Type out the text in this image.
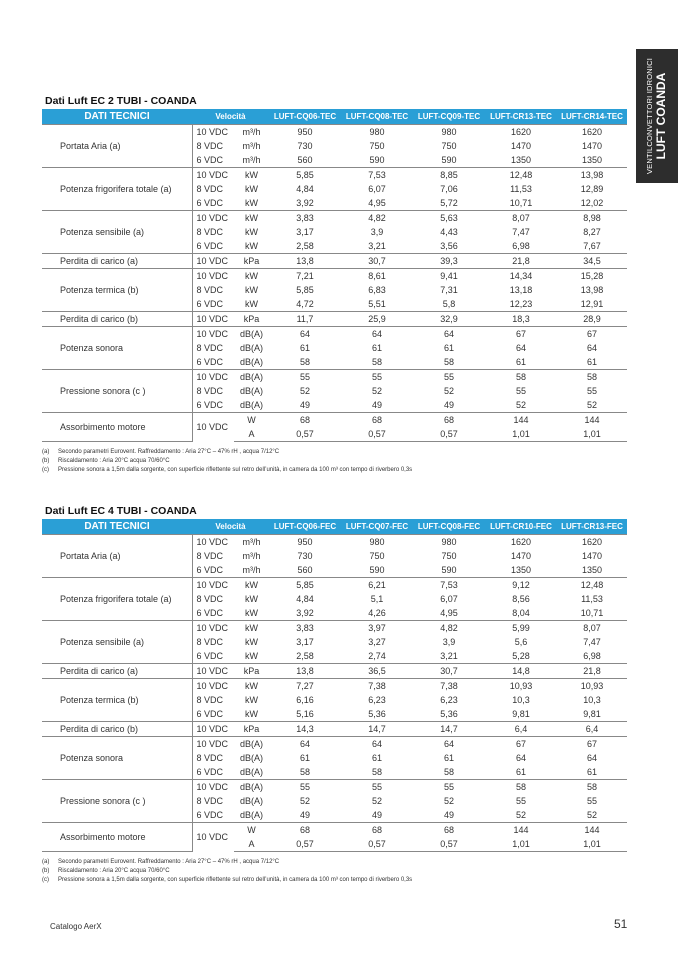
VENTILCONVETTORI IDRONICI LUFT COANDA
Dati Luft EC 2 TUBI - COANDA
DATI TECNICI	Velocità		LUFT-CQ06-TEC	LUFT-CQ08-TEC	LUFT-CQ09-TEC	LUFT-CR13-TEC	LUFT-CR14-TEC
Portata Aria (a)	10 VDC	m³/h	950	980	980	1620	1620
	8 VDC	m³/h	730	750	750	1470	1470
	6 VDC	m³/h	560	590	590	1350	1350
Potenza frigorifera totale (a)	10 VDC	kW	5,85	7,53	8,85	12,48	13,98
	8 VDC	kW	4,84	6,07	7,06	11,53	12,89
	6 VDC	kW	3,92	4,95	5,72	10,71	12,02
Potenza sensibile (a)	10 VDC	kW	3,83	4,82	5,63	8,07	8,98
	8 VDC	kW	3,17	3,9	4,43	7,47	8,27
	6 VDC	kW	2,58	3,21	3,56	6,98	7,67
Perdita di carico (a)	10 VDC	kPa	13,8	30,7	39,3	21,8	34,5
Potenza termica (b)	10 VDC	kW	7,21	8,61	9,41	14,34	15,28
	8 VDC	kW	5,85	6,83	7,31	13,18	13,98
	6 VDC	kW	4,72	5,51	5,8	12,23	12,91
Perdita di carico (b)	10 VDC	kPa	11,7	25,9	32,9	18,3	28,9
Potenza sonora	10 VDC	dB(A)	64	64	64	67	67
	8 VDC	dB(A)	61	61	61	64	64
	6 VDC	dB(A)	58	58	58	61	61
Pressione sonora (c )	10 VDC	dB(A)	55	55	55	58	58
	8 VDC	dB(A)	52	52	52	55	55
	6 VDC	dB(A)	49	49	49	52	52
Assorbimento motore	10 VDC	W	68	68	68	144	144
		A	0,57	0,57	0,57	1,01	1,01
(a) Secondo parametri Eurovent. Raffreddamento : Aria 27°C – 47% rH , acqua 7/12°C
(b) Riscaldamento : Aria 20°C acqua 70/60°C
(c) Pressione sonora a 1,5m dalla sorgente, con superficie riflettente sul retro dell’unità, in camera da 100 m³ con tempo di riverbero 0,3s
Dati Luft EC 4 TUBI - COANDA
DATI TECNICI	Velocità		LUFT-CQ06-FEC	LUFT-CQ07-FEC	LUFT-CQ08-FEC	LUFT-CR10-FEC	LUFT-CR13-FEC
Portata Aria (a)	10 VDC	m³/h	950	980	980	1620	1620
	8 VDC	m³/h	730	750	750	1470	1470
	6 VDC	m³/h	560	590	590	1350	1350
Potenza frigorifera totale (a)	10 VDC	kW	5,85	6,21	7,53	9,12	12,48
	8 VDC	kW	4,84	5,1	6,07	8,56	11,53
	6 VDC	kW	3,92	4,26	4,95	8,04	10,71
Potenza sensibile (a)	10 VDC	kW	3,83	3,97	4,82	5,99	8,07
	8 VDC	kW	3,17	3,27	3,9	5,6	7,47
	6 VDC	kW	2,58	2,74	3,21	5,28	6,98
Perdita di carico (a)	10 VDC	kPa	13,8	36,5	30,7	14,8	21,8
Potenza termica (b)	10 VDC	kW	7,27	7,38	7,38	10,93	10,93
	8 VDC	kW	6,16	6,23	6,23	10,3	10,3
	6 VDC	kW	5,16	5,36	5,36	9,81	9,81
Perdita di carico (b)	10 VDC	kPa	14,3	14,7	14,7	6,4	6,4
Potenza sonora	10 VDC	dB(A)	64	64	64	67	67
	8 VDC	dB(A)	61	61	61	64	64
	6 VDC	dB(A)	58	58	58	61	61
Pressione sonora (c )	10 VDC	dB(A)	55	55	55	58	58
	8 VDC	dB(A)	52	52	52	55	55
	6 VDC	dB(A)	49	49	49	52	52
Assorbimento motore	10 VDC	W	68	68	68	144	144
		A	0,57	0,57	0,57	1,01	1,01
(a) Secondo parametri Eurovent. Raffreddamento : Aria 27°C – 47% rH , acqua 7/12°C
(b) Riscaldamento : Aria 20°C acqua 70/60°C
(c) Pressione sonora a 1,5m dalla sorgente, con superficie riflettente sul retro dell’unità, in camera da 100 m³ con tempo di riverbero 0,3s
Catalogo AerX	51
